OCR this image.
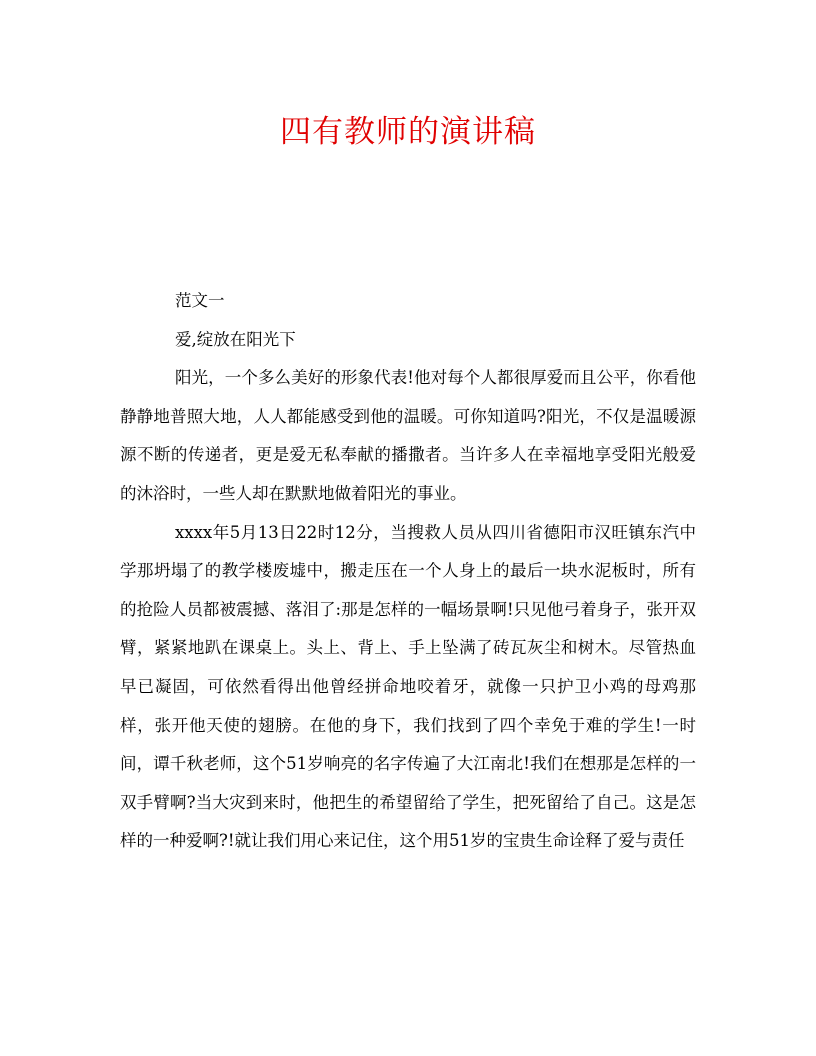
四有教师的演讲稿

范文一

爱,绽放在阳光下

阳光，一个多么美好的形象代表!他对每个人都很厚爱而且公平，你看他静静地普照大地，人人都能感受到他的温暖。可你知道吗?阳光，不仅是温暖源源不断的传递者，更是爱无私奉献的播撒者。当许多人在幸福地享受阳光般爱的沐浴时，一些人却在默默地做着阳光的事业。

xxxx年5月13日22时12分，当搜救人员从四川省德阳市汉旺镇东汽中学那坍塌了的教学楼废墟中，搬走压在一个人身上的最后一块水泥板时，所有的抢险人员都被震撼、落泪了:那是怎样的一幅场景啊!只见他弓着身子，张开双臂，紧紧地趴在课桌上。头上、背上、手上坠满了砖瓦灰尘和树木。尽管热血早已凝固，可依然看得出他曾经拼命地咬着牙，就像一只护卫小鸡的母鸡那样，张开他天使的翅膀。在他的身下，我们找到了四个幸免于难的学生!一时间，谭千秋老师，这个51岁响亮的名字传遍了大江南北!我们在想那是怎样的一双手臂啊?当大灾到来时，他把生的希望留给了学生，把死留给了自己。这是怎样的一种爱啊?!就让我们用心来记住，这个用51岁的宝贵生命诠释了爱与责任
